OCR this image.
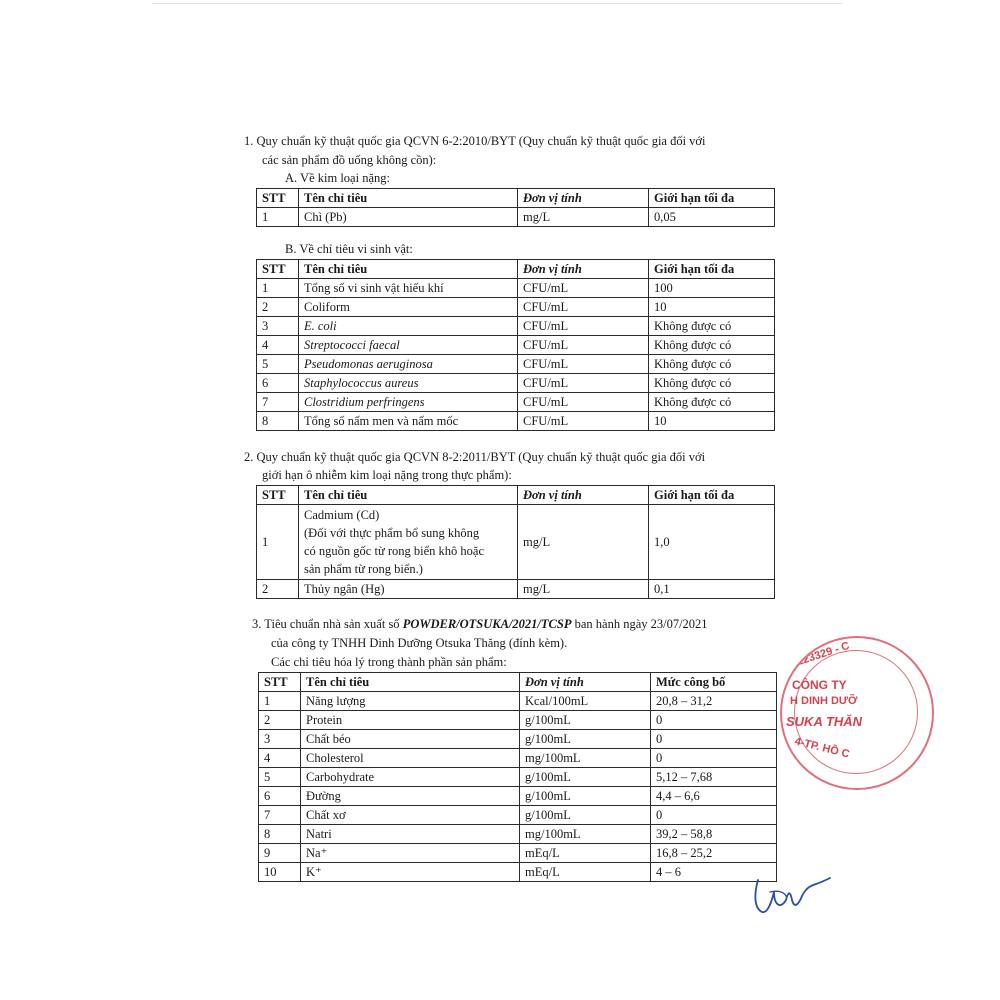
1. Quy chuẩn kỹ thuật quốc gia QCVN 6-2:2010/BYT (Quy chuẩn kỹ thuật quốc gia đối với
các sản phẩm đồ uống không cồn):
A. Về kim loại nặng:
STT	Tên chỉ tiêu	Đơn vị tính	Giới hạn tối đa
1	Chì (Pb)	mg/L	0,05
B. Về chỉ tiêu vi sinh vật:
STT	Tên chỉ tiêu	Đơn vị tính	Giới hạn tối đa
1	Tổng số vi sinh vật hiếu khí	CFU/mL	100
2	Coliform	CFU/mL	10
3	E. coli	CFU/mL	Không được có
4	Streptococci faecal	CFU/mL	Không được có
5	Pseudomonas aeruginosa	CFU/mL	Không được có
6	Staphylococcus aureus	CFU/mL	Không được có
7	Clostridium perfringens	CFU/mL	Không được có
8	Tổng số nấm men và nấm mốc	CFU/mL	10
2. Quy chuẩn kỹ thuật quốc gia QCVN 8-2:2011/BYT (Quy chuẩn kỹ thuật quốc gia đối với
giới hạn ô nhiễm kim loại nặng trong thực phẩm):
STT	Tên chỉ tiêu	Đơn vị tính	Giới hạn tối đa
1	Cadmium (Cd)
(Đối với thực phẩm bổ sung không
có nguồn gốc từ rong biển khô hoặc
sản phẩm từ rong biển.)	mg/L	1,0
2	Thủy ngân (Hg)	mg/L	0,1
3. Tiêu chuẩn nhà sản xuất số POWDER/OTSUKA/2021/TCSP ban hành ngày 23/07/2021
của công ty TNHH Dinh Dưỡng Otsuka Thăng (đính kèm).
Các chỉ tiêu hóa lý trong thành phần sản phẩm:
STT	Tên chỉ tiêu	Đơn vị tính	Mức công bố
1	Năng lượng	Kcal/100mL	20,8 – 31,2
2	Protein	g/100mL	0
3	Chất béo	g/100mL	0
4	Cholesterol	mg/100mL	0
5	Carbohydrate	g/100mL	5,12 – 7,68
6	Đường	g/100mL	4,4 – 6,6
7	Chất xơ	g/100mL	0
8	Natri	mg/100mL	39,2 – 58,8
9	Na⁺	mEq/L	16,8 – 25,2
10	K⁺	mEq/L	4 – 6
123329 - C
CÔNG TY
H DINH DƯỠ
SUKA THĂN
4-TP. HỒ C
